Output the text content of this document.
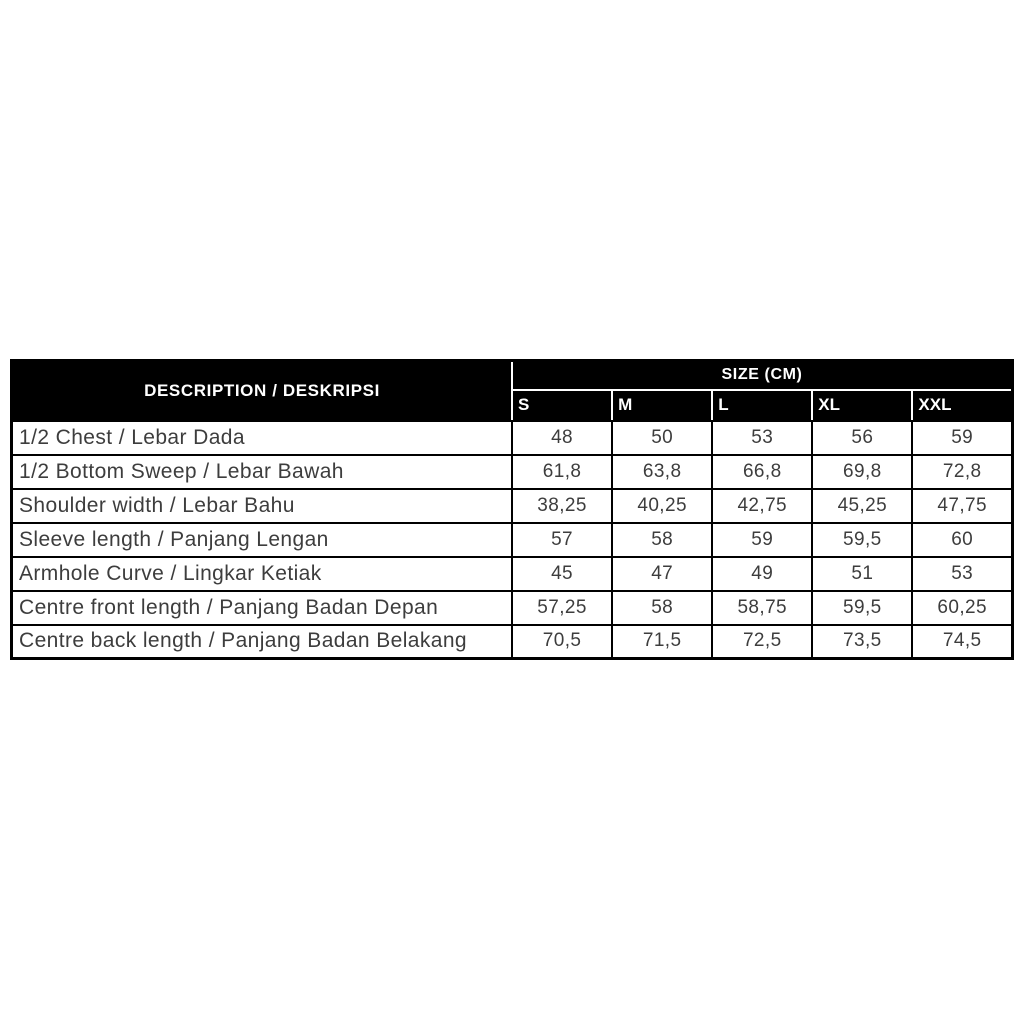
DESCRIPTION / DESKRIPSI	SIZE (CM)				
	S	M	L	XL	XXL
1/2 Chest / Lebar Dada	48	50	53	56	59
1/2 Bottom Sweep / Lebar Bawah	61,8	63,8	66,8	69,8	72,8
Shoulder width / Lebar Bahu	38,25	40,25	42,75	45,25	47,75
Sleeve length / Panjang Lengan	57	58	59	59,5	60
Armhole Curve / Lingkar Ketiak	45	47	49	51	53
Centre front length / Panjang Badan Depan	57,25	58	58,75	59,5	60,25
Centre back length / Panjang Badan Belakang	70,5	71,5	72,5	73,5	74,5
